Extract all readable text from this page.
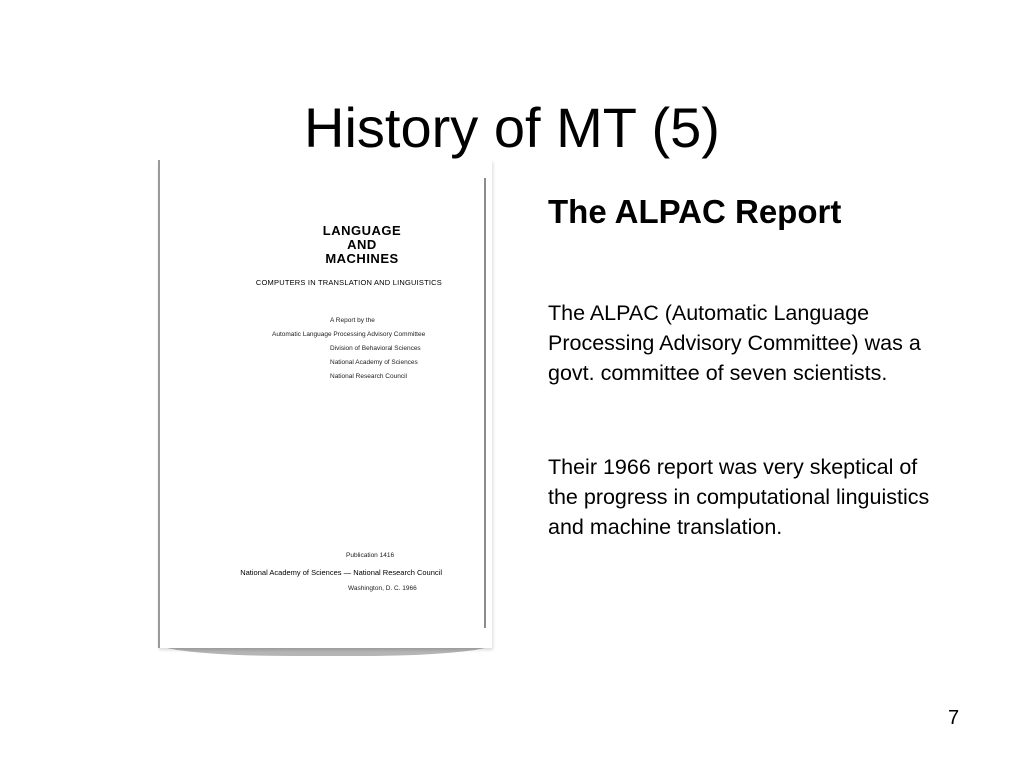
History of MT (5)
LANGUAGE
AND
MACHINES
COMPUTERS IN TRANSLATION AND LINGUISTICS
A Report by the
Automatic Language Processing Advisory Committee
Division of Behavioral Sciences
National Academy of Sciences
National Research Council
Publication 1416
National Academy of Sciences — National Research Council
Washington, D. C. 1966
The ALPAC Report

The ALPAC (Automatic Language Processing Advisory Committee) was a govt. committee of seven scientists.

Their 1966 report was very skeptical of the progress in computational linguistics and machine translation.

7
